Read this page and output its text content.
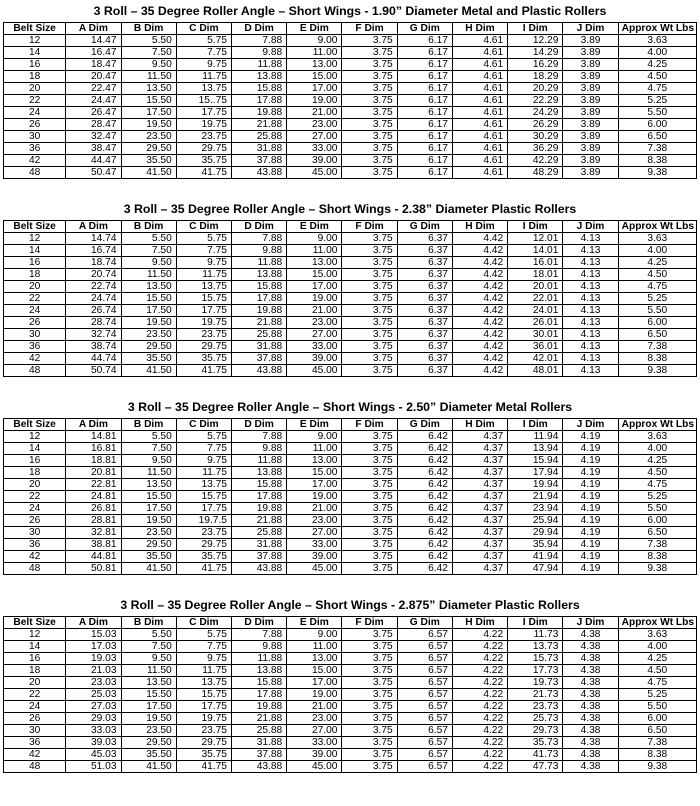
3 Roll – 35 Degree Roller Angle – Short Wings - 1.90” Diameter Metal and Plastic Rollers
Belt Size	A Dim	B Dim	C Dim	D Dim	E Dim	F Dim	G Dim	H Dim	I Dim	J Dim	Approx Wt Lbs
12	14.47	5.50	5.75	7.88	9.00	3.75	6.17	4.61	12.29	3.89	3.63
14	16.47	7.50	7.75	9.88	11.00	3.75	6.17	4.61	14.29	3.89	4.00
16	18.47	9.50	9.75	11.88	13.00	3.75	6.17	4.61	16.29	3.89	4.25
18	20.47	11.50	11.75	13.88	15.00	3.75	6.17	4.61	18.29	3.89	4.50
20	22.47	13.50	13.75	15.88	17.00	3.75	6.17	4.61	20.29	3.89	4.75
22	24.47	15.50	15..75	17.88	19.00	3.75	6.17	4.61	22.29	3.89	5.25
24	26.47	17.50	17.75	19.88	21.00	3.75	6.17	4.61	24.29	3.89	5.50
26	28.47	19.50	19.75	21.88	23.00	3.75	6.17	4.61	26.29	3.89	6.00
30	32.47	23.50	23.75	25.88	27.00	3.75	6.17	4.61	30.29	3.89	6.50
36	38.47	29.50	29.75	31.88	33.00	3.75	6.17	4.61	36.29	3.89	7.38
42	44.47	35.50	35.75	37.88	39.00	3.75	6.17	4.61	42.29	3.89	8.38
48	50.47	41.50	41.75	43.88	45.00	3.75	6.17	4.61	48.29	3.89	9.38
3 Roll – 35 Degree Roller Angle – Short Wings - 2.38” Diameter Plastic Rollers
Belt Size	A Dim	B Dim	C Dim	D Dim	E Dim	F Dim	G Dim	H Dim	I Dim	J Dim	Approx Wt Lbs
12	14.74	5.50	5.75	7.88	9.00	3.75	6.37	4.42	12.01	4.13	3.63
14	16.74	7.50	7.75	9.88	11.00	3.75	6.37	4.42	14.01	4.13	4.00
16	18.74	9.50	9.75	11.88	13.00	3.75	6.37	4.42	16.01	4.13	4.25
18	20.74	11.50	11.75	13.88	15.00	3.75	6.37	4.42	18.01	4.13	4.50
20	22.74	13.50	13.75	15.88	17.00	3.75	6.37	4.42	20.01	4.13	4.75
22	24.74	15.50	15.75	17.88	19.00	3.75	6.37	4.42	22.01	4.13	5.25
24	26.74	17.50	17.75	19.88	21.00	3.75	6.37	4.42	24.01	4.13	5.50
26	28.74	19.50	19.75	21.88	23.00	3.75	6.37	4.42	26.01	4.13	6.00
30	32.74	23.50	23.75	25.88	27.00	3.75	6.37	4.42	30.01	4.13	6.50
36	38.74	29.50	29.75	31.88	33.00	3.75	6.37	4.42	36.01	4.13	7.38
42	44.74	35.50	35.75	37.88	39.00	3.75	6.37	4.42	42.01	4.13	8.38
48	50.74	41.50	41.75	43.88	45.00	3.75	6.37	4.42	48.01	4.13	9.38
3 Roll – 35 Degree Roller Angle – Short Wings - 2.50” Diameter Metal Rollers
Belt Size	A Dim	B Dim	C Dim	D Dim	E Dim	F Dim	G Dim	H Dim	I Dim	J Dim	Approx Wt Lbs
12	14.81	5.50	5.75	7.88	9.00	3.75	6.42	4.37	11.94	4.19	3.63
14	16.81	7.50	7.75	9.88	11.00	3.75	6.42	4.37	13.94	4.19	4.00
16	18.81	9.50	9.75	11.88	13.00	3.75	6.42	4.37	15.94	4.19	4.25
18	20.81	11.50	11.75	13.88	15.00	3.75	6.42	4.37	17.94	4.19	4.50
20	22.81	13.50	13.75	15.88	17.00	3.75	6.42	4.37	19.94	4.19	4.75
22	24.81	15.50	15.75	17.88	19.00	3.75	6.42	4.37	21.94	4.19	5.25
24	26.81	17.50	17.75	19.88	21.00	3.75	6.42	4.37	23.94	4.19	5.50
26	28.81	19.50	19.7.5	21.88	23.00	3.75	6.42	4.37	25.94	4.19	6.00
30	32.81	23.50	23.75	25.88	27.00	3.75	6.42	4.37	29.94	4.19	6.50
36	38.81	29.50	29.75	31.88	33.00	3.75	6.42	4.37	35.94	4.19	7.38
42	44.81	35.50	35.75	37.88	39.00	3.75	6.42	4.37	41.94	4.19	8.38
48	50.81	41.50	41.75	43.88	45.00	3.75	6.42	4.37	47.94	4.19	9.38
3 Roll – 35 Degree Roller Angle – Short Wings - 2.875” Diameter Plastic Rollers
Belt Size	A Dim	B Dim	C Dim	D Dim	E Dim	F Dim	G Dim	H Dim	I Dim	J Dim	Approx Wt Lbs
12	15.03	5.50	5.75	7.88	9.00	3.75	6.57	4.22	11.73	4.38	3.63
14	17.03	7.50	7.75	9.88	11.00	3.75	6.57	4.22	13.73	4.38	4.00
16	19.03	9.50	9.75	11.88	13.00	3.75	6.57	4.22	15.73	4.38	4.25
18	21.03	11.50	11.75	13.88	15.00	3.75	6.57	4.22	17.73	4.38	4.50
20	23.03	13.50	13.75	15.88	17.00	3.75	6.57	4.22	19.73	4.38	4.75
22	25.03	15.50	15.75	17.88	19.00	3.75	6.57	4.22	21.73	4.38	5.25
24	27.03	17.50	17.75	19.88	21.00	3.75	6.57	4.22	23.73	4.38	5.50
26	29.03	19.50	19.75	21.88	23.00	3.75	6.57	4.22	25.73	4.38	6.00
30	33.03	23.50	23.75	25.88	27.00	3.75	6.57	4.22	29.73	4.38	6.50
36	39.03	29.50	29.75	31.88	33.00	3.75	6.57	4.22	35.73	4.38	7.38
42	45.03	35.50	35.75	37.88	39.00	3.75	6.57	4.22	41.73	4.38	8.38
48	51.03	41.50	41.75	43.88	45.00	3.75	6.57	4.22	47.73	4.38	9.38
